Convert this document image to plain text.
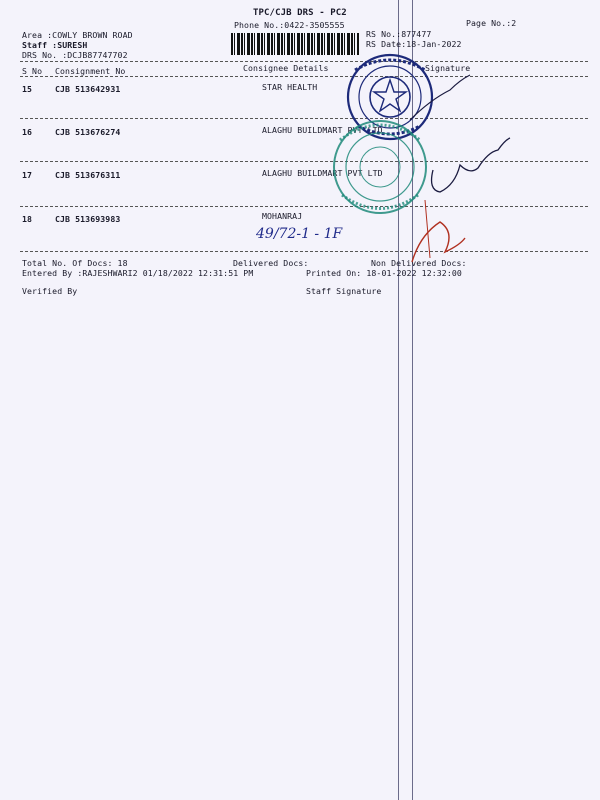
TPC/CJB DRS - PC2
Phone No.:0422-3505555	Page No.:2
Area :COWLY BROWN ROAD
Staff :SURESH
DRS No. :DCJB87747702
RS No.:877477
RS Date:18-Jan-2022
S No Consignment No	Consignee Details	Signature
15	CJB 513642931	STAR HEALTH
16	CJB 513676274	ALAGHU BUILDMART PVT LTD
17	CJB 513676311	ALAGHU BUILDMART PVT LTD
18	CJB 513693983	MOHANRAJ
49/72-1 - 1F
Total No. Of Docs: 18	Delivered Docs:	Non Delivered Docs:
Entered By :RAJESHWARI2 01/18/2022 12:31:51 PM	Printed On: 18-01-2022 12:32:00
Verified By	Staff Signature
